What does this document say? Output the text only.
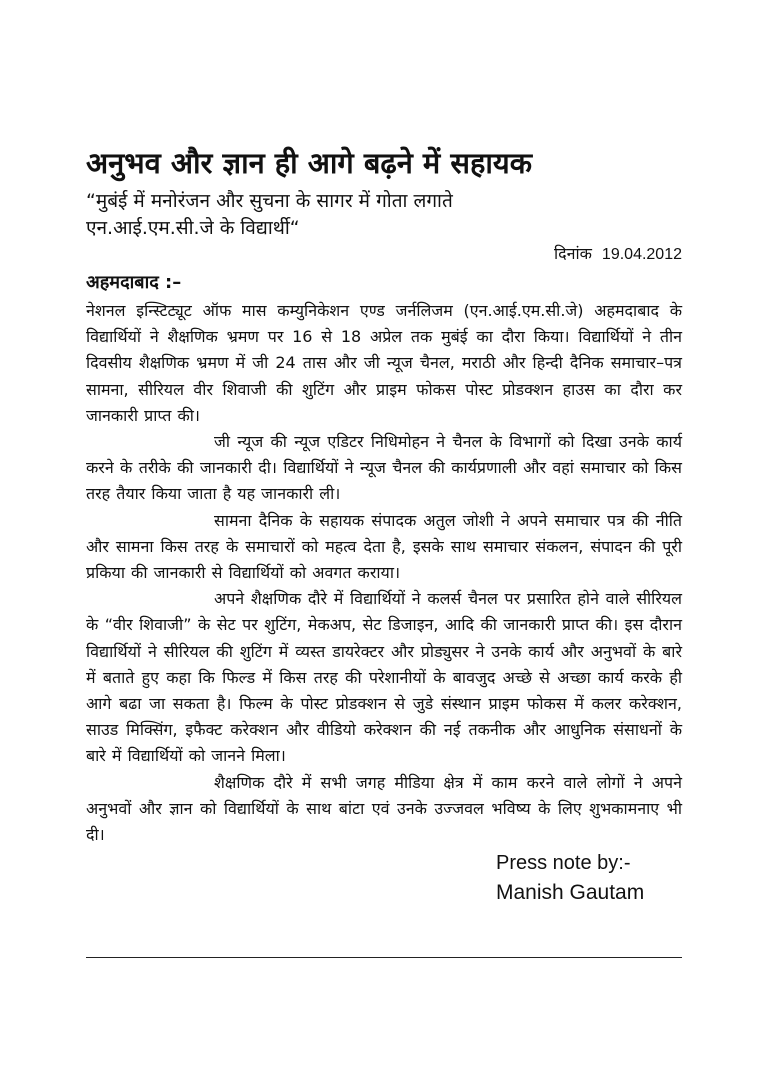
अनुभव और ज्ञान ही आगे बढ़ने में सहायक

“मुबंई में मनोरंजन और सुचना के सागर में गोता लगाते
एन.आई.एम.सी.जे के विद्यार्थी“

दिनांक 19.04.2012
अहमदाबाद :–

नेशनल इन्स्टिट्यूट ऑफ मास कम्युनिकेशन एण्ड जर्नलिजम (एन.आई.एम.सी.जे) अहमदाबाद के विद्यार्थियों ने शैक्षणिक भ्रमण पर 16 से 18 अप्रेल तक मुबंई का दौरा किया। विद्यार्थियों ने तीन दिवसीय शैक्षणिक भ्रमण में जी 24 तास और जी न्यूज चैनल, मराठी और हिन्दी दैनिक समाचार–पत्र सामना, सीरियल वीर शिवाजी की शुटिंग और प्राइम फोकस पोस्ट प्रोडक्शन हाउस का दौरा कर जानकारी प्राप्त की।

जी न्यूज की न्यूज एडिटर निधिमोहन ने चैनल के विभागों को दिखा उनके कार्य करने के तरीके की जानकारी दी। विद्यार्थियों ने न्यूज चैनल की कार्यप्रणाली और वहां समाचार को किस तरह तैयार किया जाता है यह जानकारी ली।

सामना दैनिक के सहायक संपादक अतुल जोशी ने अपने समाचार पत्र की नीति और सामना किस तरह के समाचारों को महत्व देता है, इसके साथ समाचार संकलन, संपादन की पूरी प्रकिया की जानकारी से विद्यार्थियों को अवगत कराया।

अपने शैक्षणिक दौरे में विद्यार्थियों ने कलर्स चैनल पर प्रसारित होने वाले सीरियल के “वीर शिवाजी” के सेट पर शुटिंग, मेकअप, सेट डिजाइन, आदि की जानकारी प्राप्त की। इस दौरान विद्यार्थियों ने सीरियल की शुटिंग में व्यस्त डायरेक्टर और प्रोड्युसर ने उनके कार्य और अनुभवों के बारे में बताते हुए कहा कि फिल्ड में किस तरह की परेशानीयों के बावजुद अच्छे से अच्छा कार्य करके ही आगे बढा जा सकता है। फिल्म के पोस्ट प्रोडक्शन से जुडे संस्थान प्राइम फोकस में कलर करेक्शन, साउड मिक्सिंग, इफैक्ट करेक्शन और वीडियो करेक्शन की नई तकनीक और आधुनिक संसाधनों के बारे में विद्यार्थियों को जानने मिला।

शैक्षणिक दौरे में सभी जगह मीडिया क्षेत्र में काम करने वाले लोगों ने अपने अनुभवों और ज्ञान को विद्यार्थियों के साथ बांटा एवं उनके उज्जवल भविष्य के लिए शुभकामनाए भी दी।

Press note by:-
Manish Gautam
